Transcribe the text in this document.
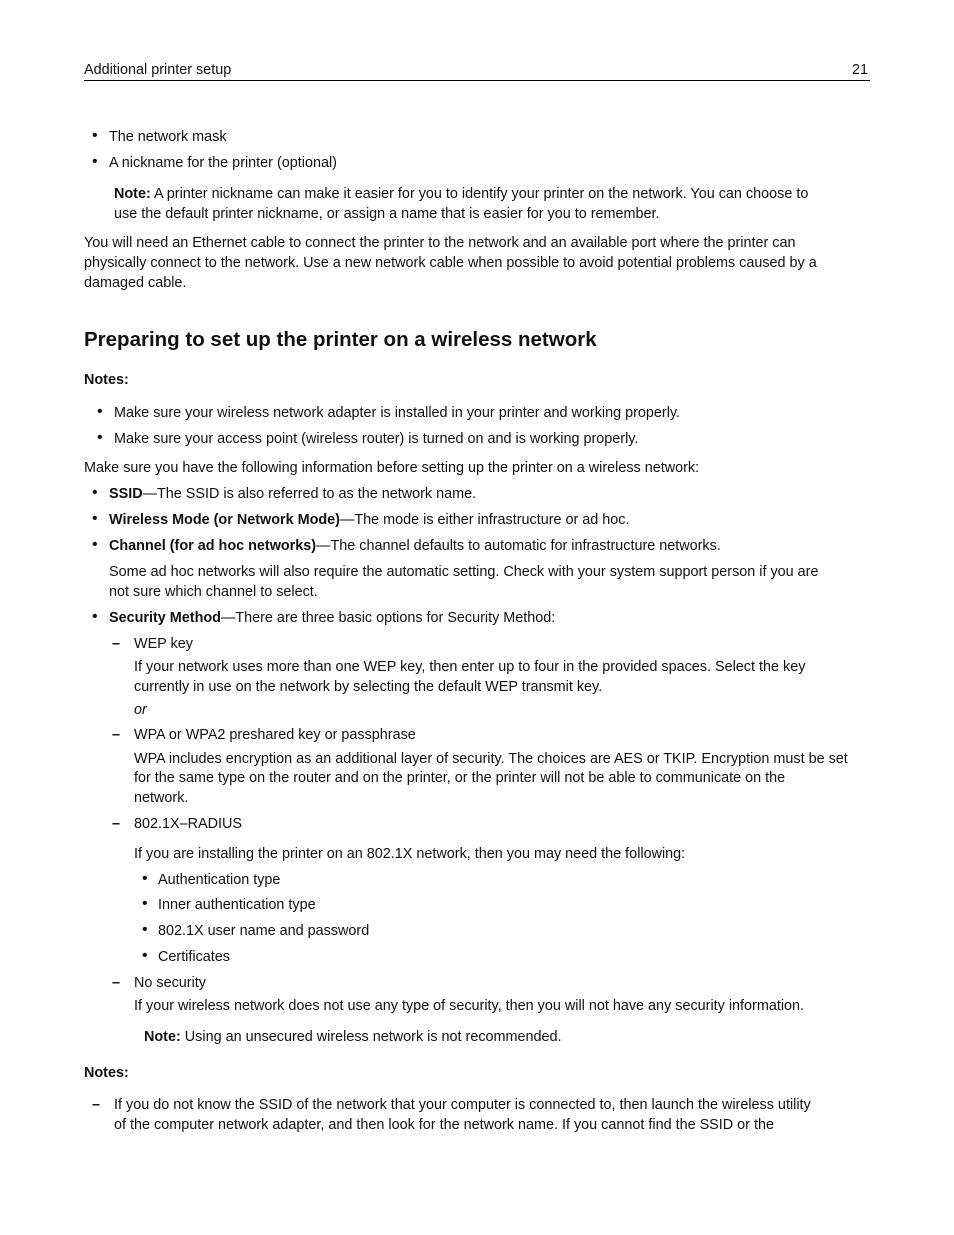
Additional printer setup	21
• The network mask
• A nickname for the printer (optional)
Note: A printer nickname can make it easier for you to identify your printer on the network. You can choose to
use the default printer nickname, or assign a name that is easier for you to remember.
You will need an Ethernet cable to connect the printer to the network and an available port where the printer can
physically connect to the network. Use a new network cable when possible to avoid potential problems caused by a
damaged cable.
Preparing to set up the printer on a wireless network
Notes:
• Make sure your wireless network adapter is installed in your printer and working properly.
• Make sure your access point (wireless router) is turned on and is working properly.
Make sure you have the following information before setting up the printer on a wireless network:
• SSID—The SSID is also referred to as the network name.
• Wireless Mode (or Network Mode)—The mode is either infrastructure or ad hoc.
• Channel (for ad hoc networks)—The channel defaults to automatic for infrastructure networks.
Some ad hoc networks will also require the automatic setting. Check with your system support person if you are
not sure which channel to select.
• Security Method—There are three basic options for Security Method:
– WEP key
If your network uses more than one WEP key, then enter up to four in the provided spaces. Select the key
currently in use on the network by selecting the default WEP transmit key.
or
– WPA or WPA2 preshared key or passphrase
WPA includes encryption as an additional layer of security. The choices are AES or TKIP. Encryption must be set
for the same type on the router and on the printer, or the printer will not be able to communicate on the
network.
– 802.1X–RADIUS
If you are installing the printer on an 802.1X network, then you may need the following:
• Authentication type
• Inner authentication type
• 802.1X user name and password
• Certificates
– No security
If your wireless network does not use any type of security, then you will not have any security information.
Note: Using an unsecured wireless network is not recommended.
Notes:
– If you do not know the SSID of the network that your computer is connected to, then launch the wireless utility
of the computer network adapter, and then look for the network name. If you cannot find the SSID or the
